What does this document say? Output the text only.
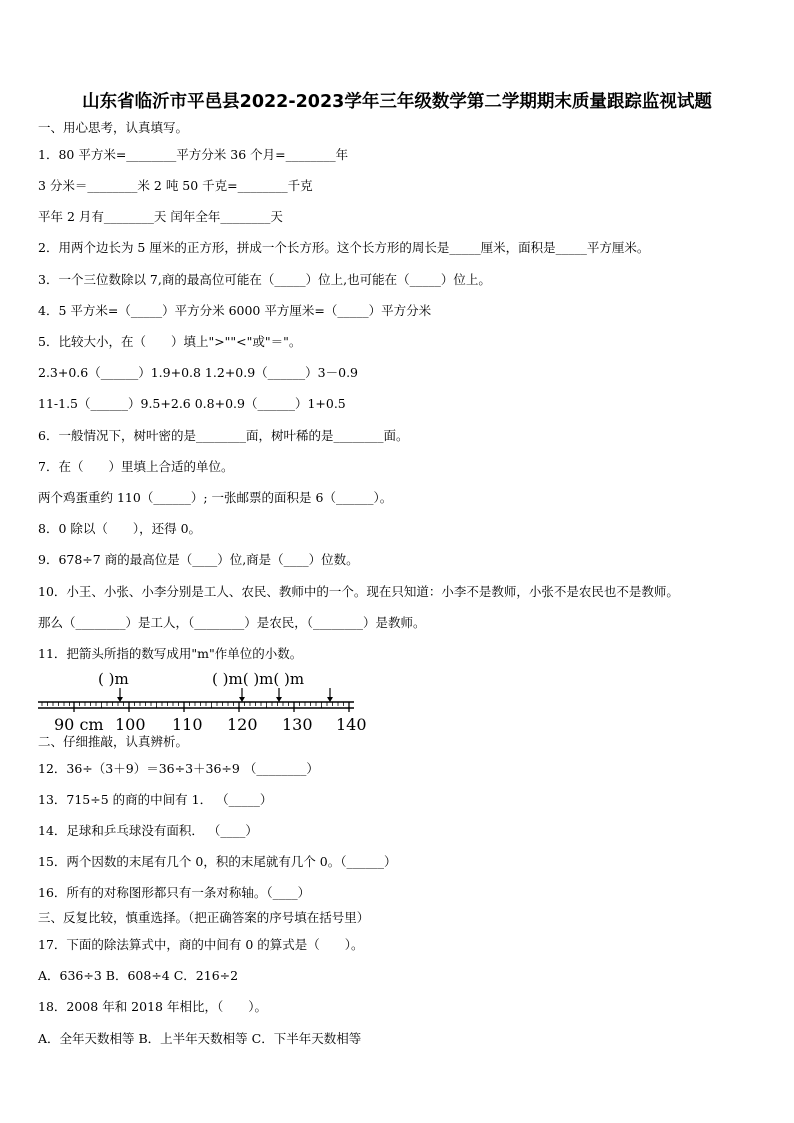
山东省临沂市平邑县2022-2023学年三年级数学第二学期期末质量跟踪监视试题
一、用心思考，认真填写。
1．80 平方米=________平方分米 36 个月=________年
3 分米＝________米 2 吨 50 千克=________千克
平年 2 月有________天 闰年全年________天
2．用两个边长为 5 厘米的正方形，拼成一个长方形。这个长方形的周长是_____厘米，面积是_____平方厘米。
3．一个三位数除以 7,商的最高位可能在（_____）位上,也可能在（_____）位上。
4．5 平方米=（_____）平方分米 6000 平方厘米=（_____）平方分米
5．比较大小，在（　　）填上">""<"或"＝"。
2.3+0.6（______）1.9+0.8 1.2+0.9（______）3－0.9
11-1.5（______）9.5+2.6 0.8+0.9（______）1+0.5
6．一般情况下，树叶密的是________面，树叶稀的是________面。
7．在（　　）里填上合适的单位。
两个鸡蛋重约 110（______）; 一张邮票的面积是 6（______）。
8．0 除以（　　），还得 0。
9．678÷7 商的最高位是（____）位,商是（____）位数。
10．小王、小张、小李分别是工人、农民、教师中的一个。现在只知道：小李不是教师，小张不是农民也不是教师。
那么（________）是工人，（________）是农民，（________）是教师。
11．把箭头所指的数写成用"m"作单位的小数。
( )m	( )m( )m( )m
90 cm 100 110 120 130 140
二、仔细推敲，认真辨析。
12．36÷（3＋9）＝36÷3＋36÷9 （________）
13．715÷5 的商的中间有 1． （_____）
14．足球和乒乓球没有面积． （____）
15．两个因数的末尾有几个 0，积的末尾就有几个 0。（______）
16．所有的对称图形都只有一条对称轴。（____）
三、反复比较，慎重选择。（把正确答案的序号填在括号里）
17．下面的除法算式中，商的中间有 0 的算式是（　　）。
A．636÷3 B．608÷4 C．216÷2
18．2008 年和 2018 年相比，（　　）。
A．全年天数相等 B．上半年天数相等 C．下半年天数相等
